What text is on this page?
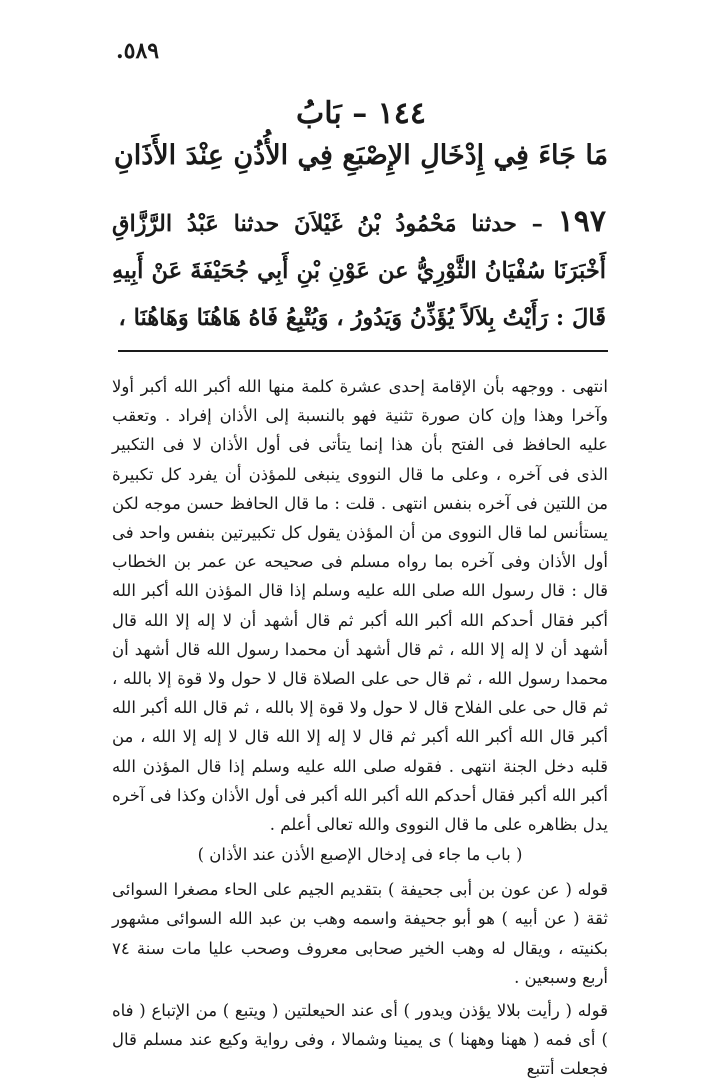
٥٨٩.
١٤٤ – بَابُ
مَا جَاءَ فِي إِدْخَالِ الإِصْبَعِ فِي الأُذُنِ عِنْدَ الأَذَانِ
١٩٧ – حدثنا مَحْمُودُ بْنُ غَيْلاَنَ حدثنا عَبْدُ الرَّزَّاقِ أَخْبَرَنَا سُفْيَانُ الثَّوْرِيُّ عن عَوْنِ بْنِ أَبِي جُحَيْفَةَ عَنْ أَبِيهِ قَالَ : رَأَيْتُ بِلاَلاً يُؤَذِّنُ وَيَدُورُ ، وَيُتْبِعُ فَاهُ هَاهُنَا وَهَاهُنَا ،

انتهى . ووجهه بأن الإقامة إحدى عشرة كلمة منها الله أكبر الله أكبر أولا وآخرا وهذا وإن كان صورة تثنية فهو بالنسبة إلى الأذان إفراد . وتعقب عليه الحافظ فى الفتح بأن هذا إنما يتأتى فى أول الأذان لا فى التكبير الذى فى آخره ، وعلى ما قال النووى ينبغى للمؤذن أن يفرد كل تكبيرة من اللتين فى آخره بنفس انتهى . قلت : ما قال الحافظ حسن موجه لكن يستأنس لما قال النووى من أن المؤذن يقول كل تكبيرتين بنفس واحد فى أول الأذان وفى آخره بما رواه مسلم فى صحيحه عن عمر بن الخطاب قال : قال رسول الله صلى الله عليه وسلم إذا قال المؤذن الله أكبر الله أكبر فقال أحدكم الله أكبر الله أكبر ثم قال أشهد أن لا إله إلا الله قال أشهد أن لا إله إلا الله ، ثم قال أشهد أن محمدا رسول الله قال أشهد أن محمدا رسول الله ، ثم قال حى على الصلاة قال لا حول ولا قوة إلا بالله ، ثم قال حى على الفلاح قال لا حول ولا قوة إلا بالله ، ثم قال الله أكبر الله أكبر قال الله أكبر الله أكبر ثم قال لا إله إلا الله قال لا إله إلا الله ، من قلبه دخل الجنة انتهى . فقوله صلى الله عليه وسلم إذا قال المؤذن الله أكبر الله أكبر فقال أحدكم الله أكبر الله أكبر فى أول الأذان وكذا فى آخره يدل بظاهره على ما قال النووى والله تعالى أعلم .

( باب ما جاء فى إدخال الإصبع الأذن عند الأذان )

قوله ( عن عون بن أبى جحيفة ) بتقديم الجيم على الحاء مصغرا السوائى ثقة ( عن أبيه ) هو أبو جحيفة واسمه وهب بن عبد الله السوائى مشهور بكنيته ، ويقال له وهب الخير صحابى معروف وصحب عليا مات سنة ٧٤ أربع وسبعين .

قوله ( رأيت بلالا يؤذن ويدور ) أى عند الحيعلتين ( ويتبع ) من الإتباع ( فاه ) أى فمه ( ههنا وههنا ) ى يمينا وشمالا ، وفى رواية وكيع عند مسلم قال فجعلت أتتبع
